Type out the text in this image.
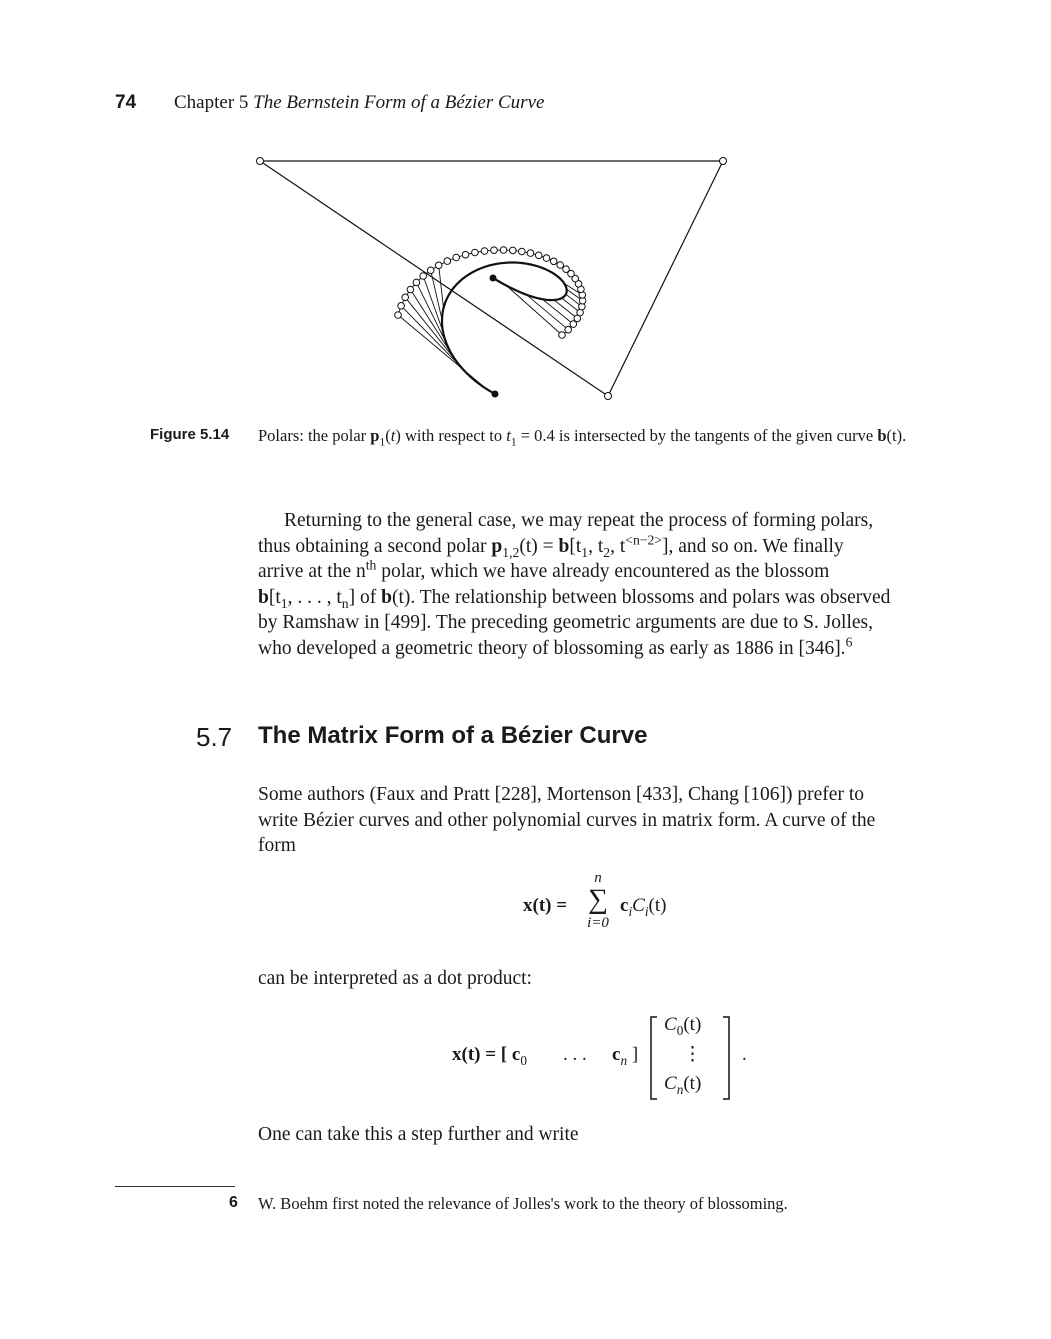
74 Chapter 5 The Bernstein Form of a Bézier Curve
Figure 5.14 Polars: the polar $p_1(t)$ with respect to $t_1 = 0.4$ is intersected by the tangents of the given curve b(t).
Returning to the general case, we may repeat the process of forming polars,
thus obtaining a second polar $p_{1,2}(t) = b[t_1$, $t_2$, $t^{<n-2>}$], and so on. We finally
arrive at the $n^{th}$ polar, which we have already encountered as the blossom
$b[t_1$, . . . , $t_n$] of b(t). The relationship between blossoms and polars was observed
by Ramshaw in [499]. The preceding geometric arguments are due to S. Jolles,
who developed a geometric theory of blossoming as early as 1886 in [346].$^6$
5.7 The Matrix Form of a Bézier Curve
Some authors (Faux and Pratt [228], Mortenson [433], Chang [106]) prefer to
write Bézier curves and other polynomial curves in matrix form. A curve of the
form
x(t) =
n
∑
i=0
$c_iC_i(t)$
can be interpreted as a dot product:
x(t) = [ $c_0$ . . . $c_n$ ]
$C_0(t)$
⋮
$C_n(t)$
.
One can take this a step further and write
6 W. Boehm first noted the relevance of Jolles's work to the theory of blossoming.
